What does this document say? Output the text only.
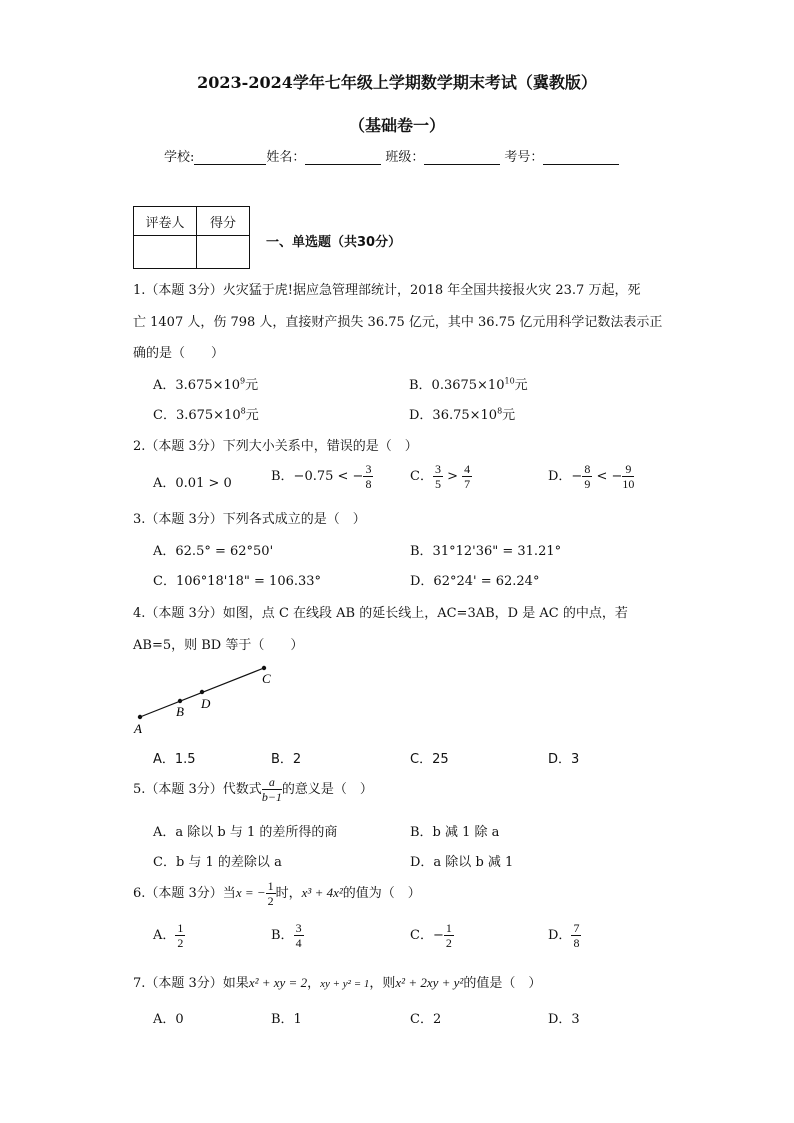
2023-2024学年七年级上学期数学期末考试（冀教版）
（基础卷一）
学校:	姓名：	班级：	考号：
评卷人	得分

一、单选题（共30分）
1.（本题 3分）火灾猛于虎!据应急管理部统计，2018 年全国共接报火灾 23.7 万起，死
亡 1407 人，伤 798 人，直接财产损失 36.75 亿元，其中 36.75 亿元用科学记数法表示正
确的是（　　）
A．$3.675\times 10^9$元	B．$0.3675\times 10^{10}$元
C．$3.675\times 10^8$元	D．$36.75\times 10^8$元
2.（本题 3分）下列大小关系中，错误的是（　）
A．0.01 > 0	B．−0.75 < − $\frac{3}{8}$	C． $\frac{3}{5} > \frac{4}{7}$	D．− $\frac{8}{9}$ < − $\frac{9}{10}$
3.（本题 3分）下列各式成立的是（　）
A．62.5° = 62°50'	B．31°12'36" = 31.21°
C．106°18'18" = 106.33°	D．62°24' = 62.24°
4.（本题 3分）如图，点 C 在线段 AB 的延长线上，AC=3AB，D 是 AC 的中点，若
AB=5，则 BD 等于（　　）
A
B
D
C
A．1.5	B．2	C．25	D．3
5.（本题 3分）代数式 $\frac{a}{b-1}$ 的意义是（　）
A．a 除以 b 与 1 的差所得的商	B．b 减 1 除 a
C．b 与 1 的差除以 a	D．a 除以 b 减 1
6.（本题 3分）当x = − $\frac{1}{2}$ 时，x³ + 4x²的值为（　）
A． $\frac{1}{2}$	B． $\frac{3}{4}$	C．− $\frac{1}{2}$	D． $\frac{7}{8}$
7.（本题 3分）如果x² + xy = 2，xy + y² = 1，则x² + 2xy + y²的值是（　）
A．0	B．1	C．2	D．3
